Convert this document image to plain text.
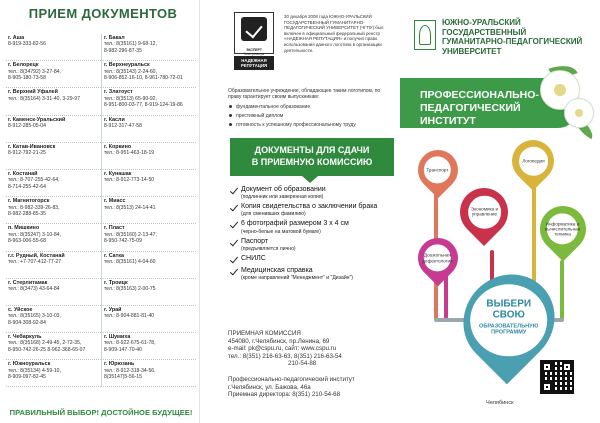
ПРИЕМ ДОКУМЕНТОВ
г. Аша
8-919-333-82-56
г. Бакал
тел.: 8(35161) 9-68-12,
8-982-296-87-35
г. Белорецк
тел.: 8(34792) 3-27-84,
8-905-180-73-58
г. Верхнеуральск
тел.: 8(35143) 2-24-60,
8-906-852-16-10, 8-961-780-72-01
г. Верхний Уфалей
тел.: 8(35164) 3-31-40, 3-29-97
г. Златоуст
тел.: 8(3513) 65-90-92,
8-951-800-03-77, 8-919-124-19-86
г. Каменск-Уральский
8-912-285-05-04
г. Касли
8-912-317-47-58
г. Катав-Ивановск
8-912-792-21-25
г. Коркино
тел.: 8-951-463-18-19
г. Костанай
тел.: 8-707-255-42-64,
8-714-255-42-64
г. Кунашак
тел.: 8-912-773-14-50
г. Магнитогорск
тел.: 8-982-339-26-83,
8-982-288-85-35
г. Миасс
тел.: 8(3513) 24-14-41
п. Мишкино
тел.: 8(35247) 3-10-84,
8-963-006-55-68
г. Пласт
тел.: 8(35160) 2-13-47,
8-950-742-75-09
г.г. Рудный, Костанай
тел.: +7-707-412-77-27
г. Сатка
тел.: 8(35161) 4-04-60
г. Стерлитамак
тел.: 8(3473) 43-64-84
г. Троицк
тел.: 8(35163) 2-00-75
с. Уйское
тел.: 8(35165) 3-10-03,
8-904-308-92-84
г. Урай
тел.: 8-904-881-81-40
г. Чебаркуль
тел.: 8(35168) 2-49-45, 2-72-35,
8-950-742-26-25 8-962-368-65-07
г. Шумиха
тел.: 8-922-675-61-78,
8-909-147-70-40
г. Южноуральск
тел.: 8(35134) 4-59-10,
8-909-097-82-45
г. Юрюзань
тел.: 8-912-318-34-56,
8(35147)5-56-15
ПРАВИЛЬНЫЙ ВЫБОР! ДОСТОЙНОЕ БУДУЩЕЕ!
ЭКСПЕРТ
Член реестра
НАДЕЖНАЯ РЕПУТАЦИЯ
30 декабря 2008 года ЮЖНО-УРАЛЬСКИЙ ГОСУДАРСТВЕННЫЙ ГУМАНИТАРНО-ПЕДАГОГИЧЕСКИЙ УНИВЕРСИТЕТ (ЧГПУ) был включен в официальный федеральный реестр «НАДЕЖНАЯ РЕПУТАЦИЯ» и получил право использования данного логотипа в организации деятельности.
Образовательное учреждение, обладающее таким логотипом, по праву гарантирует своим выпускникам:
фундаментальное образование
престижный диплом
готовность к успешному профессиональному труду
ДОКУМЕНТЫ ДЛЯ СДАЧИ
В ПРИЕМНУЮ КОМИССИЮ
Документ об образовании
(подлинник или заверенная копия)
Копия свидетельства о заключении брака
(для сменивших фамилию)
6 фотографий размером 3 х 4 см
(черно-белые на матовой бумаге)
Паспорт
(предъявляется лично)
СНИЛС
Медицинская справка
(кроме направлений "Менеджмент" и "Дизайн")
ПРИЕМНАЯ КОМИССИЯ
454080, г.Челябинск, пр.Ленина, 69
e-mail: pk@cspu.ru, сайт: www.cspu.ru
тел.: 8(351) 216-63-63, 8(351) 216-63-54
210-54-88
Профессионально-педагогический институт
г.Челябинск, ул. Бажова, 46а
Приемная директора: 8(351) 210-54-68
ЮЖНО-УРАЛЬСКИЙ
ГОСУДАРСТВЕННЫЙ
ГУМАНИТАРНО-ПЕДАГОГИЧЕСКИЙ
УНИВЕРСИТЕТ
ПРОФЕССИОНАЛЬНО-
ПЕДАГОГИЧЕСКИЙ
ИНСТИТУТ
Транспорт
Логопедия
Экономика и управление
Информатика и вычислительная техника
Дошкольная дефектология
ВЫБЕРИ
СВОЮ
ОБРАЗОВАТЕЛЬНУЮ ПРОГРАММУ
Челябинск
